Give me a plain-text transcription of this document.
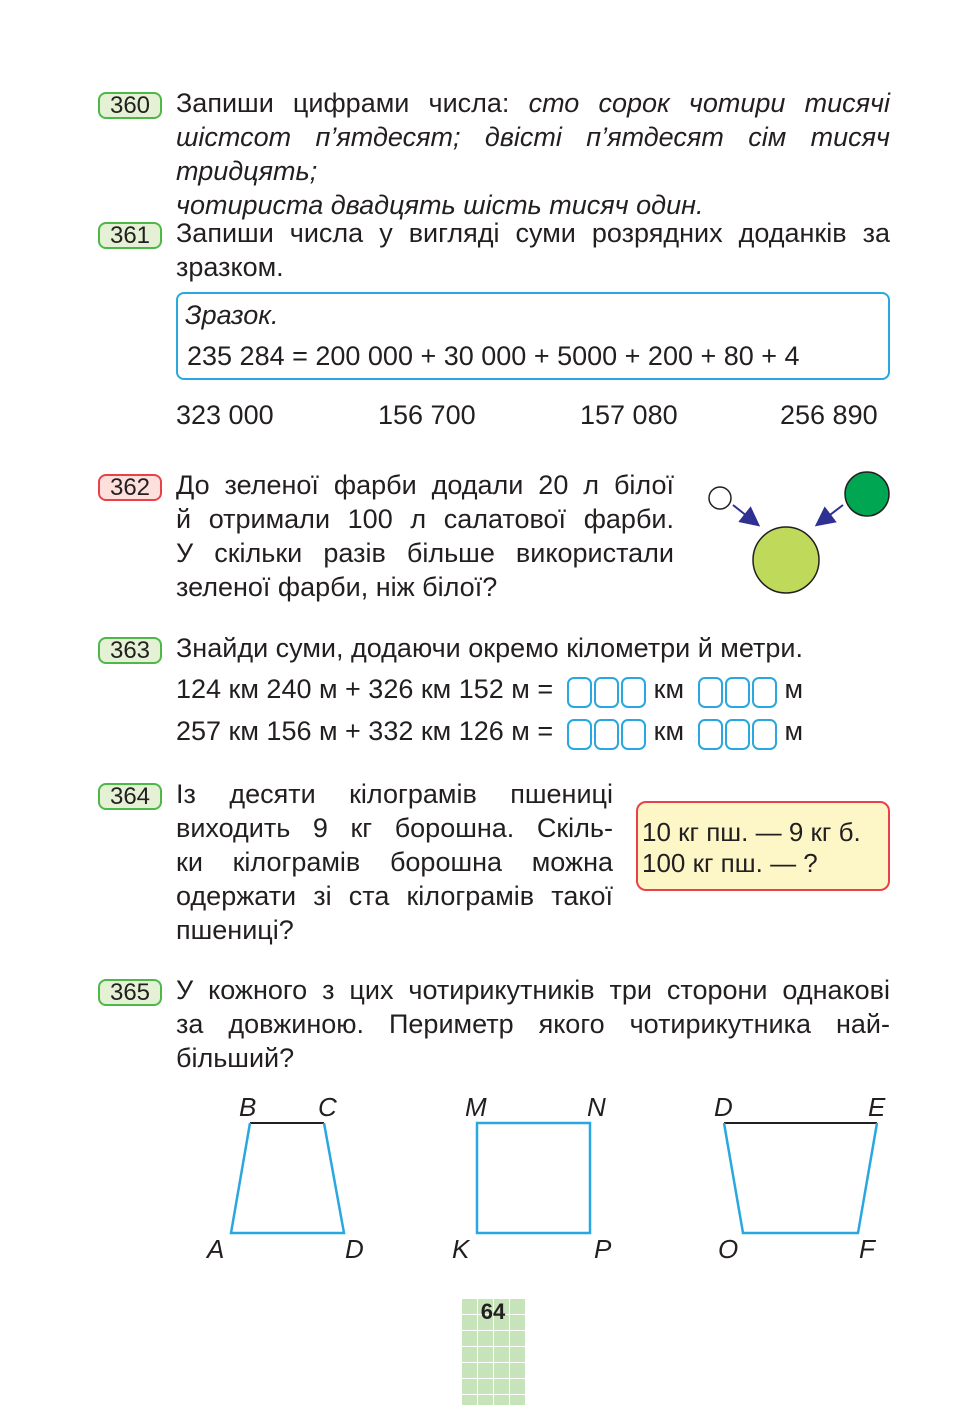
360 Запиши цифрами числа: сто сорок чотири тисячі
шістсот п’ятдесят; двісті п’ятдесят сім тисяч тридцять;
чотириста двадцять шість тисяч один.
361 Запиши числа у вигляді суми розрядних доданків за
зразком.
Зразок.
235 284 = 200 000 + 30 000 + 5000 + 200 + 80 + 4
323 000	156 700	157 080	256 890
362 До зеленої фарби додали 20 л білої
й отримали 100 л салатової фарби.
У скільки разів більше використали
зеленої фарби, ніж білої?
363 Знайди суми, додаючи окремо кілометри й метри.
124 км 240 м + 326 км 152 м =	км	м
257 км 156 м + 332 км 126 м =	км	м
364 Із десяти кілограмів пшениці
виходить 9 кг борошна. Скіль-
ки кілограмів борошна можна
одержати зі ста кілограмів такої
пшениці?
10 кг пш. — 9 кг б.
100 кг пш. — ?
365 У кожного з цих чотирикутників три сторони однакові
за довжиною. Периметр якого чотирикутника най-
більший?
B C
A	D
M	N
K	P
D	E
O	F
64
